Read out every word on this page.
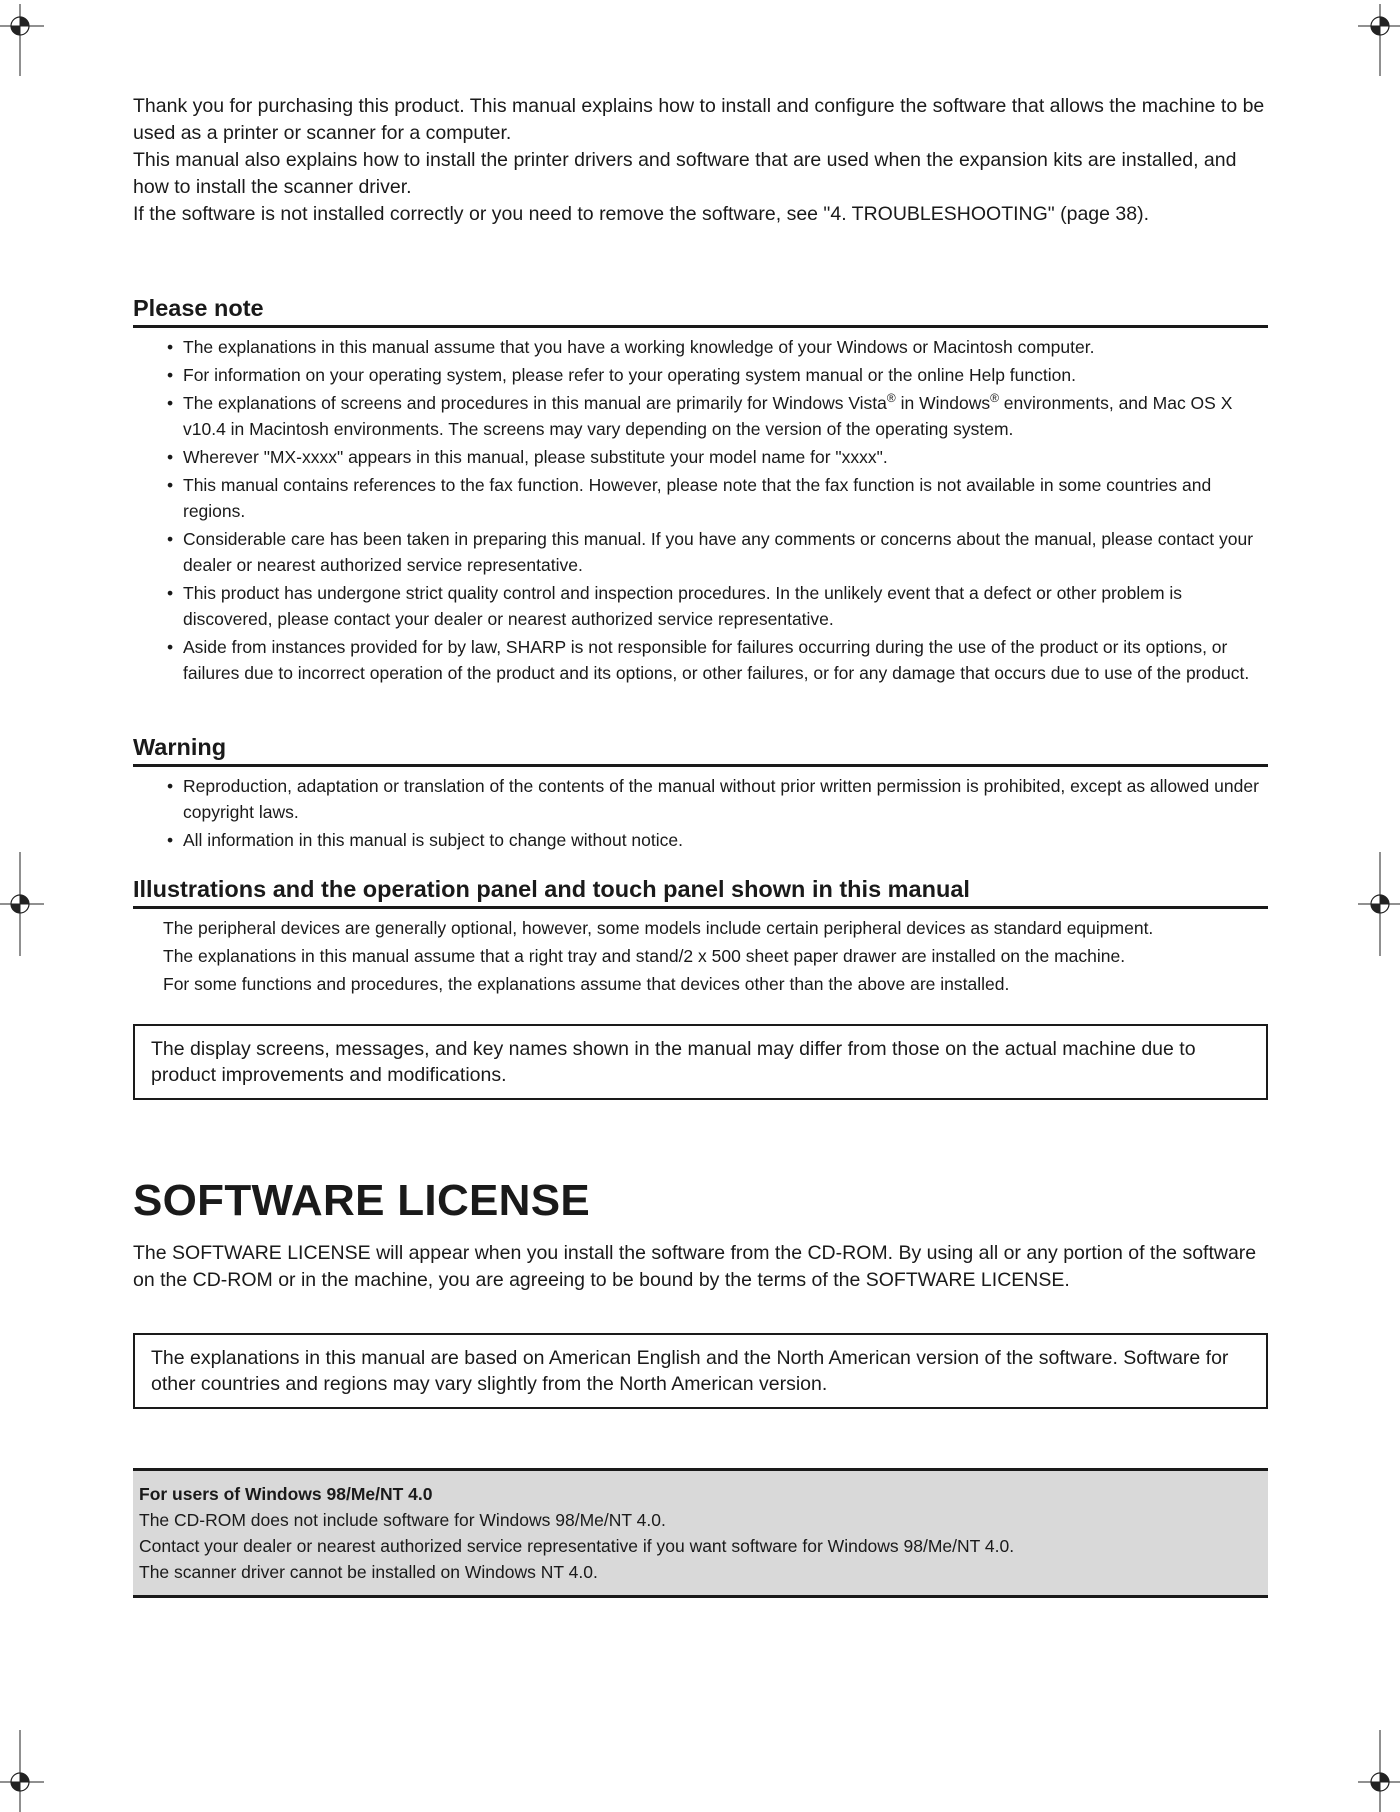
Thank you for purchasing this product. This manual explains how to install and configure the software that allows the machine to be used as a printer or scanner for a computer.

This manual also explains how to install the printer drivers and software that are used when the expansion kits are installed, and how to install the scanner driver.

If the software is not installed correctly or you need to remove the software, see "4. TROUBLESHOOTING" (page 38).

Please note
• The explanations in this manual assume that you have a working knowledge of your Windows or Macintosh computer.
• For information on your operating system, please refer to your operating system manual or the online Help function.
• The explanations of screens and procedures in this manual are primarily for Windows Vista® in Windows® environments, and Mac OS X v10.4 in Macintosh environments. The screens may vary depending on the version of the operating system.
• Wherever "MX-xxxx" appears in this manual, please substitute your model name for "xxxx".
• This manual contains references to the fax function. However, please note that the fax function is not available in some countries and regions.
• Considerable care has been taken in preparing this manual. If you have any comments or concerns about the manual, please contact your dealer or nearest authorized service representative.
• This product has undergone strict quality control and inspection procedures. In the unlikely event that a defect or other problem is discovered, please contact your dealer or nearest authorized service representative.
• Aside from instances provided for by law, SHARP is not responsible for failures occurring during the use of the product or its options, or failures due to incorrect operation of the product and its options, or other failures, or for any damage that occurs due to use of the product.
Warning
• Reproduction, adaptation or translation of the contents of the manual without prior written permission is prohibited, except as allowed under copyright laws.
• All information in this manual is subject to change without notice.
Illustrations and the operation panel and touch panel shown in this manual

The peripheral devices are generally optional, however, some models include certain peripheral devices as standard equipment.

The explanations in this manual assume that a right tray and stand/2 x 500 sheet paper drawer are installed on the machine.

For some functions and procedures, the explanations assume that devices other than the above are installed.

The display screens, messages, and key names shown in the manual may differ from those on the actual machine due to product improvements and modifications.

SOFTWARE LICENSE

The SOFTWARE LICENSE will appear when you install the software from the CD-ROM. By using all or any portion of the software on the CD-ROM or in the machine, you are agreeing to be bound by the terms of the SOFTWARE LICENSE.

The explanations in this manual are based on American English and the North American version of the software. Software for other countries and regions may vary slightly from the North American version.

For users of Windows 98/Me/NT 4.0

The CD-ROM does not include software for Windows 98/Me/NT 4.0.

Contact your dealer or nearest authorized service representative if you want software for Windows 98/Me/NT 4.0.

The scanner driver cannot be installed on Windows NT 4.0.
